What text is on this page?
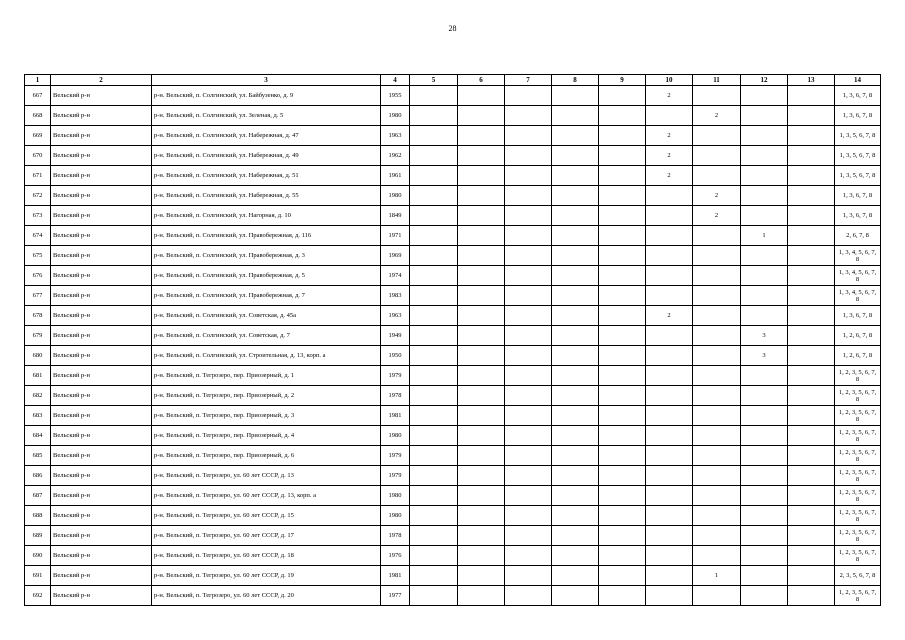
28
1	2	3	4	5	6	7	8	9	10	11	12	13	14
667	Вельский р-н	р-н. Вельский, п. Солгинский, ул. Байбузенко, д. 9	1955						2				1, 3, 6, 7, 8
668	Вельский р-н	р-н. Вельский, п. Солгинский, ул. Зеленая, д. 5	1980							2			1, 3, 6, 7, 8
669	Вельский р-н	р-н. Вельский, п. Солгинский, ул. Набережная, д. 47	1963						2				1, 3, 5, 6, 7, 8
670	Вельский р-н	р-н. Вельский, п. Солгинский, ул. Набережная, д. 49	1962						2				1, 3, 5, 6, 7, 8
671	Вельский р-н	р-н. Вельский, п. Солгинский, ул. Набережная, д. 51	1961						2				1, 3, 5, 6, 7, 8
672	Вельский р-н	р-н. Вельский, п. Солгинский, ул. Набережная, д. 55	1980							2			1, 3, 6, 7, 8
673	Вельский р-н	р-н. Вельский, п. Солгинский, ул. Нагорная, д. 10	1849							2			1, 3, 6, 7, 8
674	Вельский р-н	р-н. Вельский, п. Солгинский, ул. Правобережная, д. 116	1971								1		2, 6, 7, 8
675	Вельский р-н	р-н. Вельский, п. Солгинский, ул. Правобережная, д. 3	1969										1, 3, 4, 5, 6, 7, 8
676	Вельский р-н	р-н. Вельский, п. Солгинский, ул. Правобережная, д. 5	1974										1, 3, 4, 5, 6, 7, 8
677	Вельский р-н	р-н. Вельский, п. Солгинский, ул. Правобережная, д. 7	1983										1, 3, 4, 5, 6, 7, 8
678	Вельский р-н	р-н. Вельский, п. Солгинский, ул. Советская, д. 45а	1963						2				1, 3, 6, 7, 8
679	Вельский р-н	р-н. Вельский, п. Солгинский, ул. Советская, д. 7	1949								3		1, 2, 6, 7, 8
680	Вельский р-н	р-н. Вельский, п. Солгинский, ул. Строительная, д. 13, корп. а	1950								3		1, 2, 6, 7, 8
681	Вельский р-н	р-н. Вельский, п. Тегрозеро, пер. Приозерный, д. 1	1979										1, 2, 3, 5, 6, 7, 8
682	Вельский р-н	р-н. Вельский, п. Тегрозеро, пер. Приозерный, д. 2	1978										1, 2, 3, 5, 6, 7, 8
683	Вельский р-н	р-н. Вельский, п. Тегрозеро, пер. Приозерный, д. 3	1981										1, 2, 3, 5, 6, 7, 8
684	Вельский р-н	р-н. Вельский, п. Тегрозеро, пер. Приозерный, д. 4	1980										1, 2, 3, 5, 6, 7, 8
685	Вельский р-н	р-н. Вельский, п. Тегрозеро, пер. Приозерный, д. 6	1979										1, 2, 3, 5, 6, 7, 8
686	Вельский р-н	р-н. Вельский, п. Тегрозеро, ул. 60 лет СССР, д. 13	1979										1, 2, 3, 5, 6, 7, 8
687	Вельский р-н	р-н. Вельский, п. Тегрозеро, ул. 60 лет СССР, д. 13, корп. а	1980										1, 2, 3, 5, 6, 7, 8
688	Вельский р-н	р-н. Вельский, п. Тегрозеро, ул. 60 лет СССР, д. 15	1980										1, 2, 3, 5, 6, 7, 8
689	Вельский р-н	р-н. Вельский, п. Тегрозеро, ул. 60 лет СССР, д. 17	1978										1, 2, 3, 5, 6, 7, 8
690	Вельский р-н	р-н. Вельский, п. Тегрозеро, ул. 60 лет СССР, д. 18	1976										1, 2, 3, 5, 6, 7, 8
691	Вельский р-н	р-н. Вельский, п. Тегрозеро, ул. 60 лет СССР, д. 19	1981							1			2, 3, 5, 6, 7, 8
692	Вельский р-н	р-н. Вельский, п. Тегрозеро, ул. 60 лет СССР, д. 20	1977										1, 2, 3, 5, 6, 7, 8
